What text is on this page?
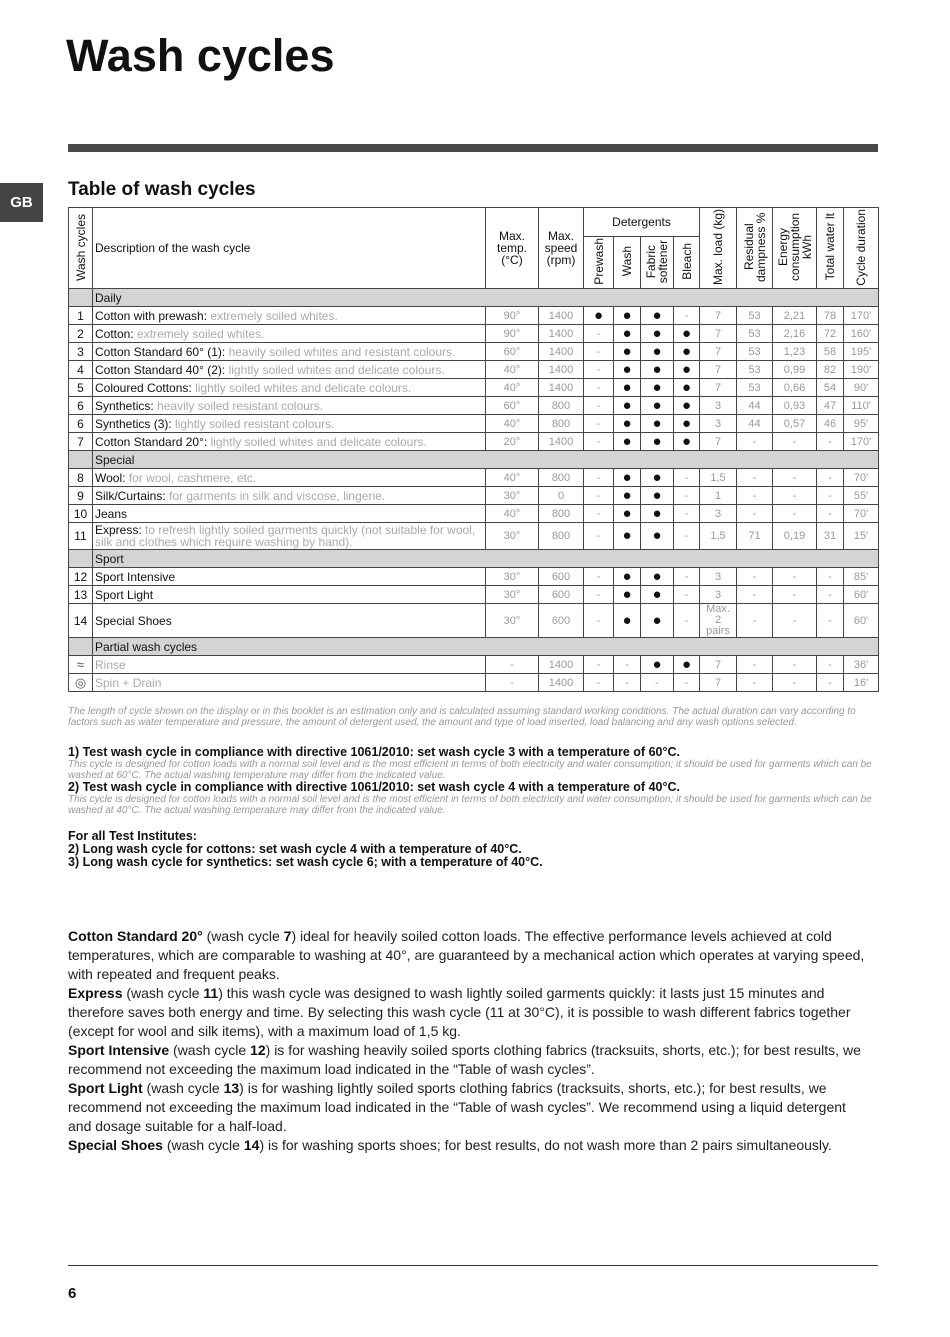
Wash cycles
GB
Table of wash cycles
Wash cycles	Description of the wash cycle	Max. temp. (°C)	Max. speed (rpm)	Detergents				Max. load (kg)	Residual dampness %	Energy consumption kWh	Total water lt	Cycle duration
				Prewash	Wash	Fabric softener	Bleach					
	Daily											
1	Cotton with prewash: extremely soiled whites.	90°	1400	●	●	●	-	7	53	2,21	78	170'
2	Cotton: extremely soiled whites.	90°	1400	-	●	●	●	7	53	2,16	72	160'
3	Cotton Standard 60° (1): heavily soiled whites and resistant colours.	60°	1400	-	●	●	●	7	53	1,23	58	195'
4	Cotton Standard 40° (2): lightly soiled whites and delicate colours.	40°	1400	-	●	●	●	7	53	0,99	82	190'
5	Coloured Cottons: lightly soiled whites and delicate colours.	40°	1400	-	●	●	●	7	53	0,66	54	90'
6	Synthetics: heavily soiled resistant colours.	60°	800	-	●	●	●	3	44	0,93	47	110'
6	Synthetics (3): lightly soiled resistant colours.	40°	800	-	●	●	●	3	44	0,57	46	95'
7	Cotton Standard 20°: lightly soiled whites and delicate colours.	20°	1400	-	●	●	●	7	-	-	-	170'
	Special											
8	Wool: for wool, cashmere, etc.	40°	800	-	●	●	-	1,5	-	-	-	70'
9	Silk/Curtains: for garments in silk and viscose, lingerie.	30°	0	-	●	●	-	1	-	-	-	55'
10	Jeans	40°	800	-	●	●	-	3	-	-	-	70'
11	Express: to refresh lightly soiled garments quickly (not suitable for wool, silk and clothes which require washing by hand).	30°	800	-	●	●	-	1,5	71	0,19	31	15'
	Sport											
12	Sport Intensive	30°	600	-	●	●	-	3	-	-	-	85'
13	Sport Light	30°	600	-	●	●	-	3	-	-	-	60'
14	Special Shoes	30°	600	-	●	●	-	Max. 2 pairs	-	-	-	60'
	Partial wash cycles											
≈	Rinse	-	1400	-	-	●	●	7	-	-	-	36'
◎	Spin + Drain	-	1400	-	-	-	-	7	-	-	-	16'
The length of cycle shown on the display or in this booklet is an estimation only and is calculated assuming standard working conditions. The actual duration can vary according to factors such as water temperature and pressure, the amount of detergent used, the amount and type of load inserted, load balancing and any wash options selected.
1) Test wash cycle in compliance with directive 1061/2010: set wash cycle 3 with a temperature of 60°C.
This cycle is designed for cotton loads with a normal soil level and is the most efficient in terms of both electricity and water consumption; it should be used for garments which can be washed at 60°C. The actual washing temperature may differ from the indicated value.
2) Test wash cycle in compliance with directive 1061/2010: set wash cycle 4 with a temperature of 40°C.
This cycle is designed for cotton loads with a normal soil level and is the most efficient in terms of both electricity and water consumption; it should be used for garments which can be washed at 40°C. The actual washing temperature may differ from the indicated value.
For all Test Institutes:
2) Long wash cycle for cottons: set wash cycle 4 with a temperature of 40°C.
3) Long wash cycle for synthetics: set wash cycle 6; with a temperature of 40°C.

Cotton Standard 20° (wash cycle 7) ideal for heavily soiled cotton loads. The effective performance levels achieved at cold temperatures, which are comparable to washing at 40°, are guaranteed by a mechanical action which operates at varying speed, with repeated and frequent peaks.

Express (wash cycle 11) this wash cycle was designed to wash lightly soiled garments quickly: it lasts just 15 minutes and therefore saves both energy and time. By selecting this wash cycle (11 at 30°C), it is possible to wash different fabrics together (except for wool and silk items), with a maximum load of 1,5 kg.

Sport Intensive (wash cycle 12) is for washing heavily soiled sports clothing fabrics (tracksuits, shorts, etc.); for best results, we recommend not exceeding the maximum load indicated in the “Table of wash cycles”.

Sport Light (wash cycle 13) is for washing lightly soiled sports clothing fabrics (tracksuits, shorts, etc.); for best results, we recommend not exceeding the maximum load indicated in the “Table of wash cycles”. We recommend using a liquid detergent and dosage suitable for a half-load.

Special Shoes (wash cycle 14) is for washing sports shoes; for best results, do not wash more than 2 pairs simultaneously.

6
